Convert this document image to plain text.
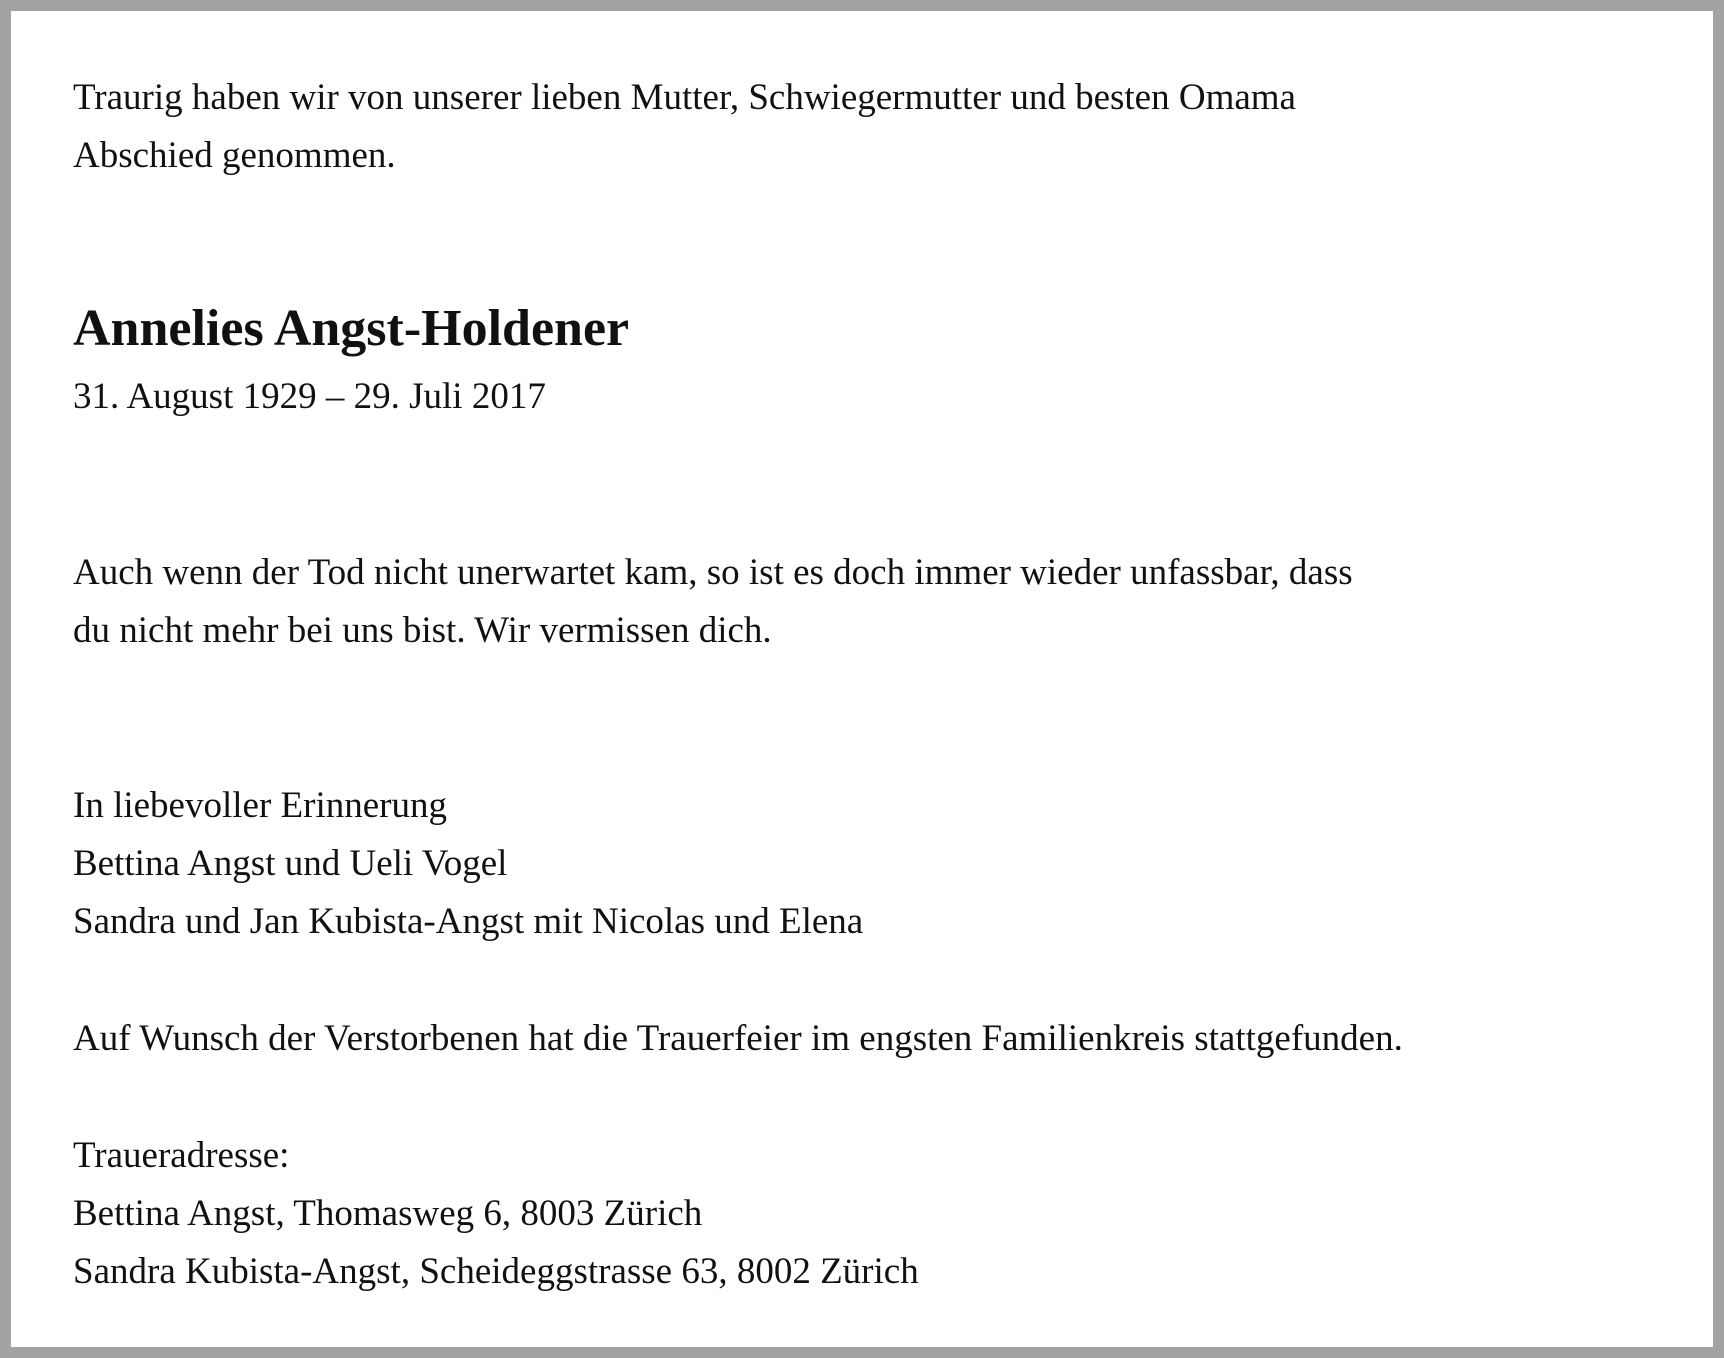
Traurig haben wir von unserer lieben Mutter, Schwiegermutter und besten Omama

Abschied genommen.

Annelies Angst-Holdener

31. August 1929 – 29. Juli 2017

Auch wenn der Tod nicht unerwartet kam, so ist es doch immer wieder unfassbar, dass

du nicht mehr bei uns bist. Wir vermissen dich.

In liebevoller Erinnerung

Bettina Angst und Ueli Vogel

Sandra und Jan Kubista-Angst mit Nicolas und Elena

Auf Wunsch der Verstorbenen hat die Trauerfeier im engsten Familienkreis stattgefunden.

Traueradresse:

Bettina Angst, Thomasweg 6, 8003 Zürich

Sandra Kubista-Angst, Scheideggstrasse 63, 8002 Zürich
